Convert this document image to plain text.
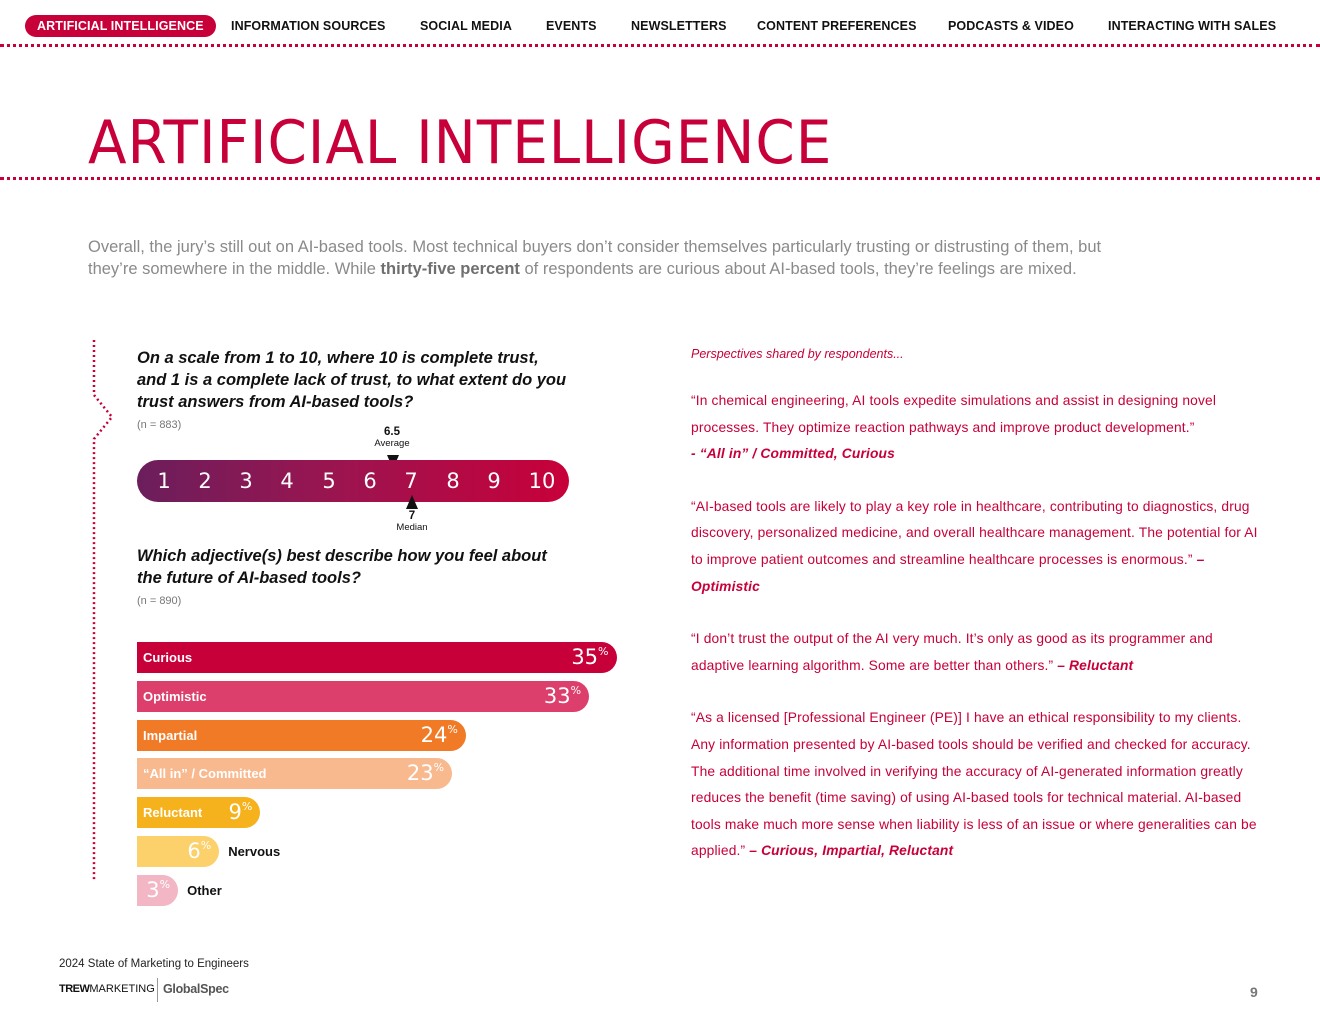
ARTIFICIAL INTELLIGENCE	INFORMATION SOURCES	SOCIAL MEDIA	EVENTS	NEWSLETTERS CONTENT PREFERENCES	PODCASTS & VIDEO	INTERACTING WITH SALES
ARTIFICIAL INTELLIGENCE

Overall, the jury’s still out on AI-based tools. Most technical buyers don’t consider themselves particularly trusting or distrusting of them, but they’re somewhere in the middle. While thirty-five percent of respondents are curious about AI-based tools, they’re feelings are mixed.

On a scale from 1 to 10, where 10 is complete trust, and 1 is a complete lack of trust, to what extent do you trust answers from AI-based tools?
(n = 883)
6.5
Average
1	2	3	4	5	6	7	8	9	10
7
Median
Which adjective(s) best describe how you feel about the future of AI-based tools?
(n = 890)
35%
Curious
33%
Optimistic
24%
Impartial
23%
“All in” / Committed
9%
Reluctant
6% Nervous
3% Other
Perspectives shared by respondents...

“In chemical engineering, AI tools expedite simulations and assist in designing novel processes. They optimize reaction pathways and improve product development.”
- “All in” / Committed, Curious

“AI-based tools are likely to play a key role in healthcare, contributing to diagnostics, drug discovery, personalized medicine, and overall healthcare management. The potential for AI to improve patient outcomes and streamline healthcare processes is enormous.” – Optimistic

“I don’t trust the output of the AI very much. It’s only as good as its programmer and adaptive learning algorithm. Some are better than others.” – Reluctant

“As a licensed [Professional Engineer (PE)] I have an ethical responsibility to my clients. Any information presented by AI-based tools should be verified and checked for accuracy. The additional time involved in verifying the accuracy of AI-generated information greatly reduces the benefit (time saving) of using AI-based tools for technical material. AI-based tools make much more sense when liability is less of an issue or where generalities can be applied.” – Curious, Impartial, Reluctant

2024 State of Marketing to Engineers
TREWMARKETING GlobalSpec	9
